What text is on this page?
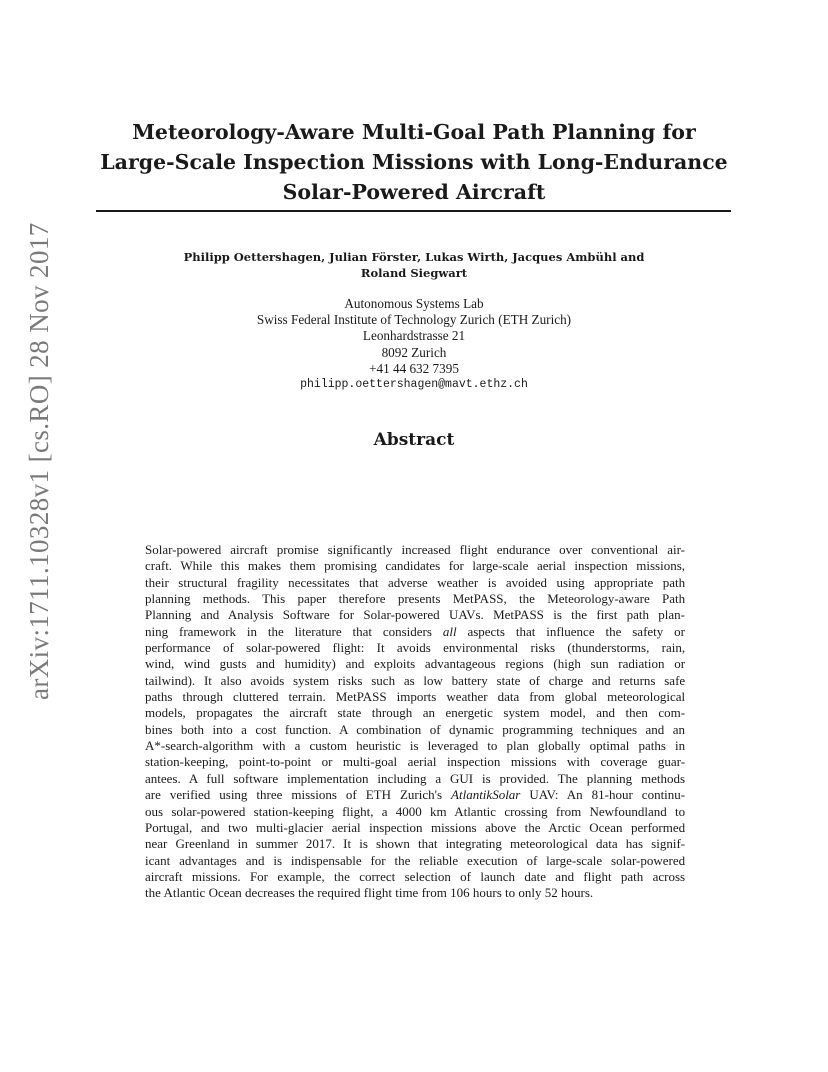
arXiv:1711.10328v1 [cs.RO] 28 Nov 2017
Meteorology-Aware Multi-Goal Path Planning for
Large-Scale Inspection Missions with Long-Endurance
Solar-Powered Aircraft
Philipp Oettershagen, Julian Förster, Lukas Wirth, Jacques Ambühl and
Roland Siegwart
Autonomous Systems Lab
Swiss Federal Institute of Technology Zurich (ETH Zurich)
Leonhardstrasse 21
8092 Zurich
+41 44 632 7395
philipp.oettershagen@mavt.ethz.ch
Abstract
Solar-powered aircraft promise significantly increased flight endurance over conventional air-
craft. While this makes them promising candidates for large-scale aerial inspection missions,
their structural fragility necessitates that adverse weather is avoided using appropriate path
planning methods. This paper therefore presents MetPASS, the Meteorology-aware Path
Planning and Analysis Software for Solar-powered UAVs. MetPASS is the first path plan-
ning framework in the literature that considers all aspects that influence the safety or
performance of solar-powered flight: It avoids environmental risks (thunderstorms, rain,
wind, wind gusts and humidity) and exploits advantageous regions (high sun radiation or
tailwind). It also avoids system risks such as low battery state of charge and returns safe
paths through cluttered terrain. MetPASS imports weather data from global meteorological
models, propagates the aircraft state through an energetic system model, and then com-
bines both into a cost function. A combination of dynamic programming techniques and an
A*-search-algorithm with a custom heuristic is leveraged to plan globally optimal paths in
station-keeping, point-to-point or multi-goal aerial inspection missions with coverage guar-
antees. A full software implementation including a GUI is provided. The planning methods
are verified using three missions of ETH Zurich's AtlantikSolar UAV: An 81-hour continu-
ous solar-powered station-keeping flight, a 4000 km Atlantic crossing from Newfoundland to
Portugal, and two multi-glacier aerial inspection missions above the Arctic Ocean performed
near Greenland in summer 2017. It is shown that integrating meteorological data has signif-
icant advantages and is indispensable for the reliable execution of large-scale solar-powered
aircraft missions. For example, the correct selection of launch date and flight path across
the Atlantic Ocean decreases the required flight time from 106 hours to only 52 hours.
